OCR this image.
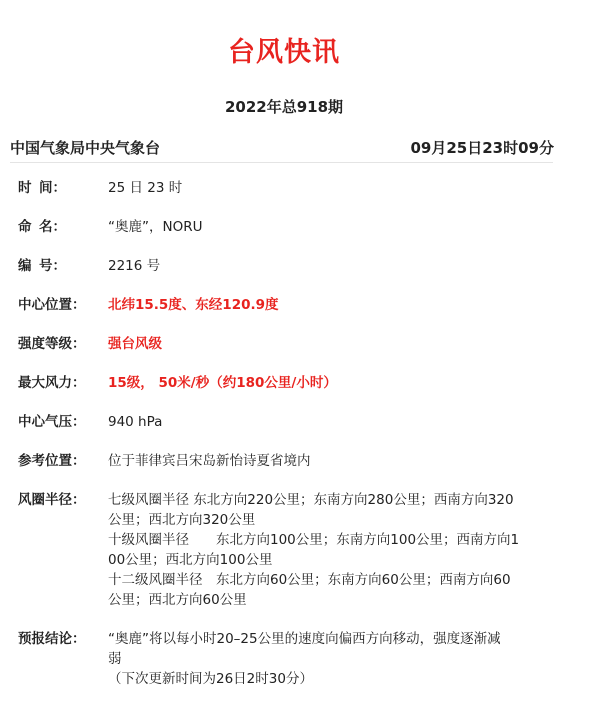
台风快讯
2022年总918期
中国气象局中央气象台	09月25日23时09分
时 间：	25 日 23 时
命 名：	“奥鹿”，NORU
编 号：	2216 号
中心位置：	北纬15.5度、东经120.9度
强度等级：	强台风级
最大风力：	15级， 50米/秒（约180公里/小时）
中心气压：	940 hPa
参考位置：	位于菲律宾吕宋岛新怡诗夏省境内
风圈半径：	七级风圈半径 东北方向220公里；东南方向280公里；西南方向320
公里；西北方向320公里
十级风圈半径　　东北方向100公里；东南方向100公里；西南方向1
00公里；西北方向100公里
十二级风圈半径　东北方向60公里；东南方向60公里；西南方向60
公里；西北方向60公里
预报结论：	“奥鹿”将以每小时20–25公里的速度向偏西方向移动，强度逐渐减
弱
（下次更新时间为26日2时30分）
